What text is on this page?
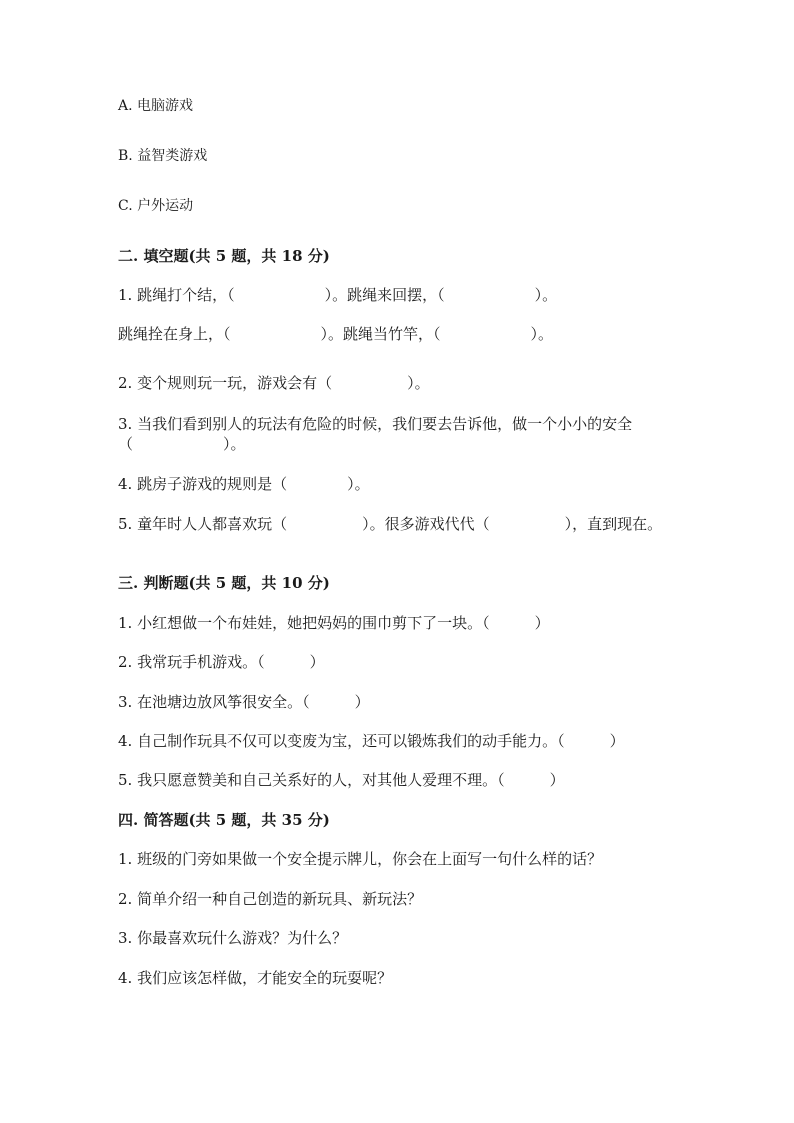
A. 电脑游戏
B. 益智类游戏
C. 户外运动
二. 填空题(共 5 题，共 18 分)
1. 跳绳打个结，（　　　　　　）。跳绳来回摆，（　　　　　　）。
跳绳拴在身上，（　　　　　　）。跳绳当竹竿，（　　　　　　）。
2. 变个规则玩一玩，游戏会有（　　　　　）。
3. 当我们看到别人的玩法有危险的时候，我们要去告诉他，做一个小小的安全（　　　　　　）。
4. 跳房子游戏的规则是（　　　　）。
5. 童年时人人都喜欢玩（　　　　　）。很多游戏代代（　　　　　），直到现在。
三. 判断题(共 5 题，共 10 分)
1. 小红想做一个布娃娃，她把妈妈的围巾剪下了一块。（　　　）
2. 我常玩手机游戏。（　　　）
3. 在池塘边放风筝很安全。（　　　）
4. 自己制作玩具不仅可以变废为宝，还可以锻炼我们的动手能力。（　　　）
5. 我只愿意赞美和自己关系好的人，对其他人爱理不理。（　　　）
四. 简答题(共 5 题，共 35 分)
1. 班级的门旁如果做一个安全提示牌儿，你会在上面写一句什么样的话？
2. 简单介绍一种自己创造的新玩具、新玩法？
3. 你最喜欢玩什么游戏？为什么？
4. 我们应该怎样做，才能安全的玩耍呢？
